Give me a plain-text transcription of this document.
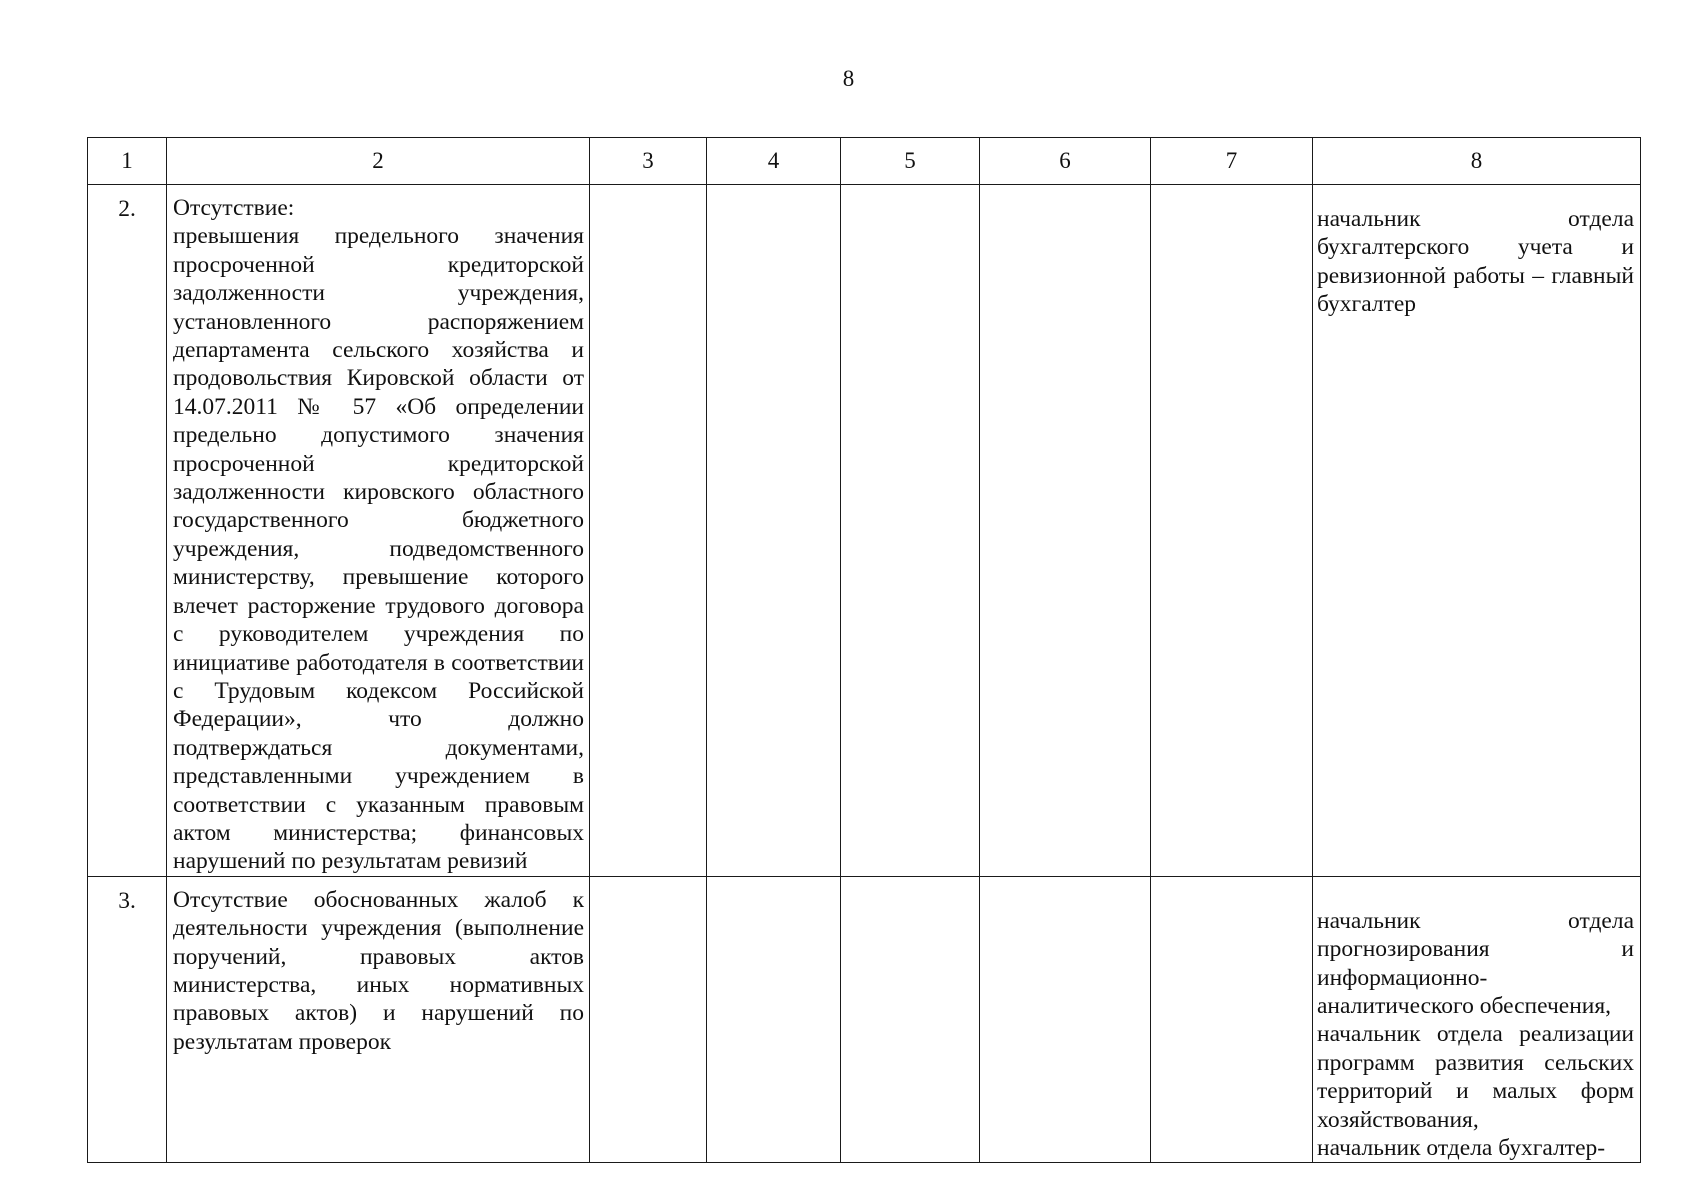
8
1	2	3	4	5	6	7	8
2.	Отсутствие:
превышения предельного значения просроченной кредиторской задолженности учреждения, установленного распоряжением департамента сельского хозяйства и продовольствия Кировской области от 14.07.2011 № 57 «Об определении предельно допустимого значения просроченной кредиторской задолженности кировского областного государственного бюджетного учреждения, подведомственного министерству, превышение которого влечет расторжение трудового договора с руководителем учреждения по инициативе работодателя в соответствии с Трудовым кодексом Российской Федерации», что должно подтверждаться документами, представленными учреждением в соответствии с указанным правовым актом министерства; финансовых нарушений по результатам ревизий						начальник отдела бухгалтерского учета и ревизионной работы – главный бухгалтер

3.	Отсутствие обоснованных жалоб к деятельности учреждения (выполнение поручений, правовых актов министерства, иных нормативных правовых актов) и нарушений по результатам проверок						начальник отдела прогнозирования и информационно-аналитического обеспечения,
начальник отдела реализации программ развития сельских территорий и малых форм хозяйствования,
начальник отдела бухгалтер-
